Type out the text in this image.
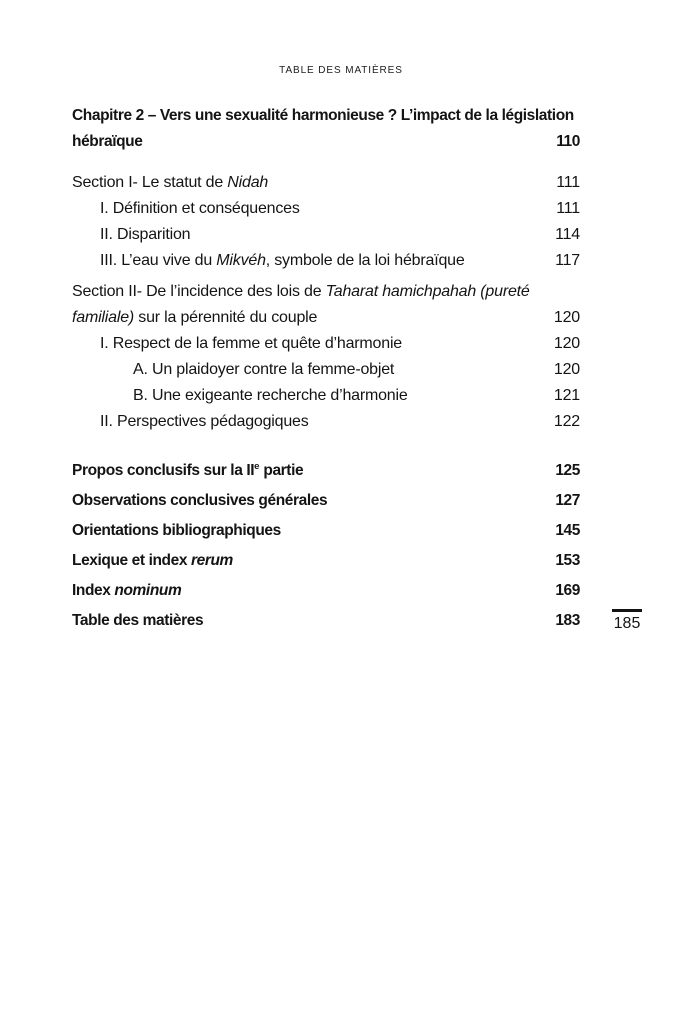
TABLE DES MATIÈRES
Chapitre 2 – Vers une sexualité harmonieuse ? L’impact de la législation
hébraïque	110
Section I- Le statut de Nidah	111
I. Définition et conséquences	111
II. Disparition	114
III. L’eau vive du Mikvéh, symbole de la loi hébraïque	117
Section II- De l’incidence des lois de Taharat hamichpahah (pureté
familiale) sur la pérennité du couple	120
I. Respect de la femme et quête d’harmonie	120
A. Un plaidoyer contre la femme-objet	120
B. Une exigeante recherche d’harmonie	121
II. Perspectives pédagogiques	122
Propos conclusifs sur la IIe partie	125
Observations conclusives générales	127
Orientations bibliographiques	145
Lexique et index rerum	153
Index nominum	169
Table des matières	183	185
